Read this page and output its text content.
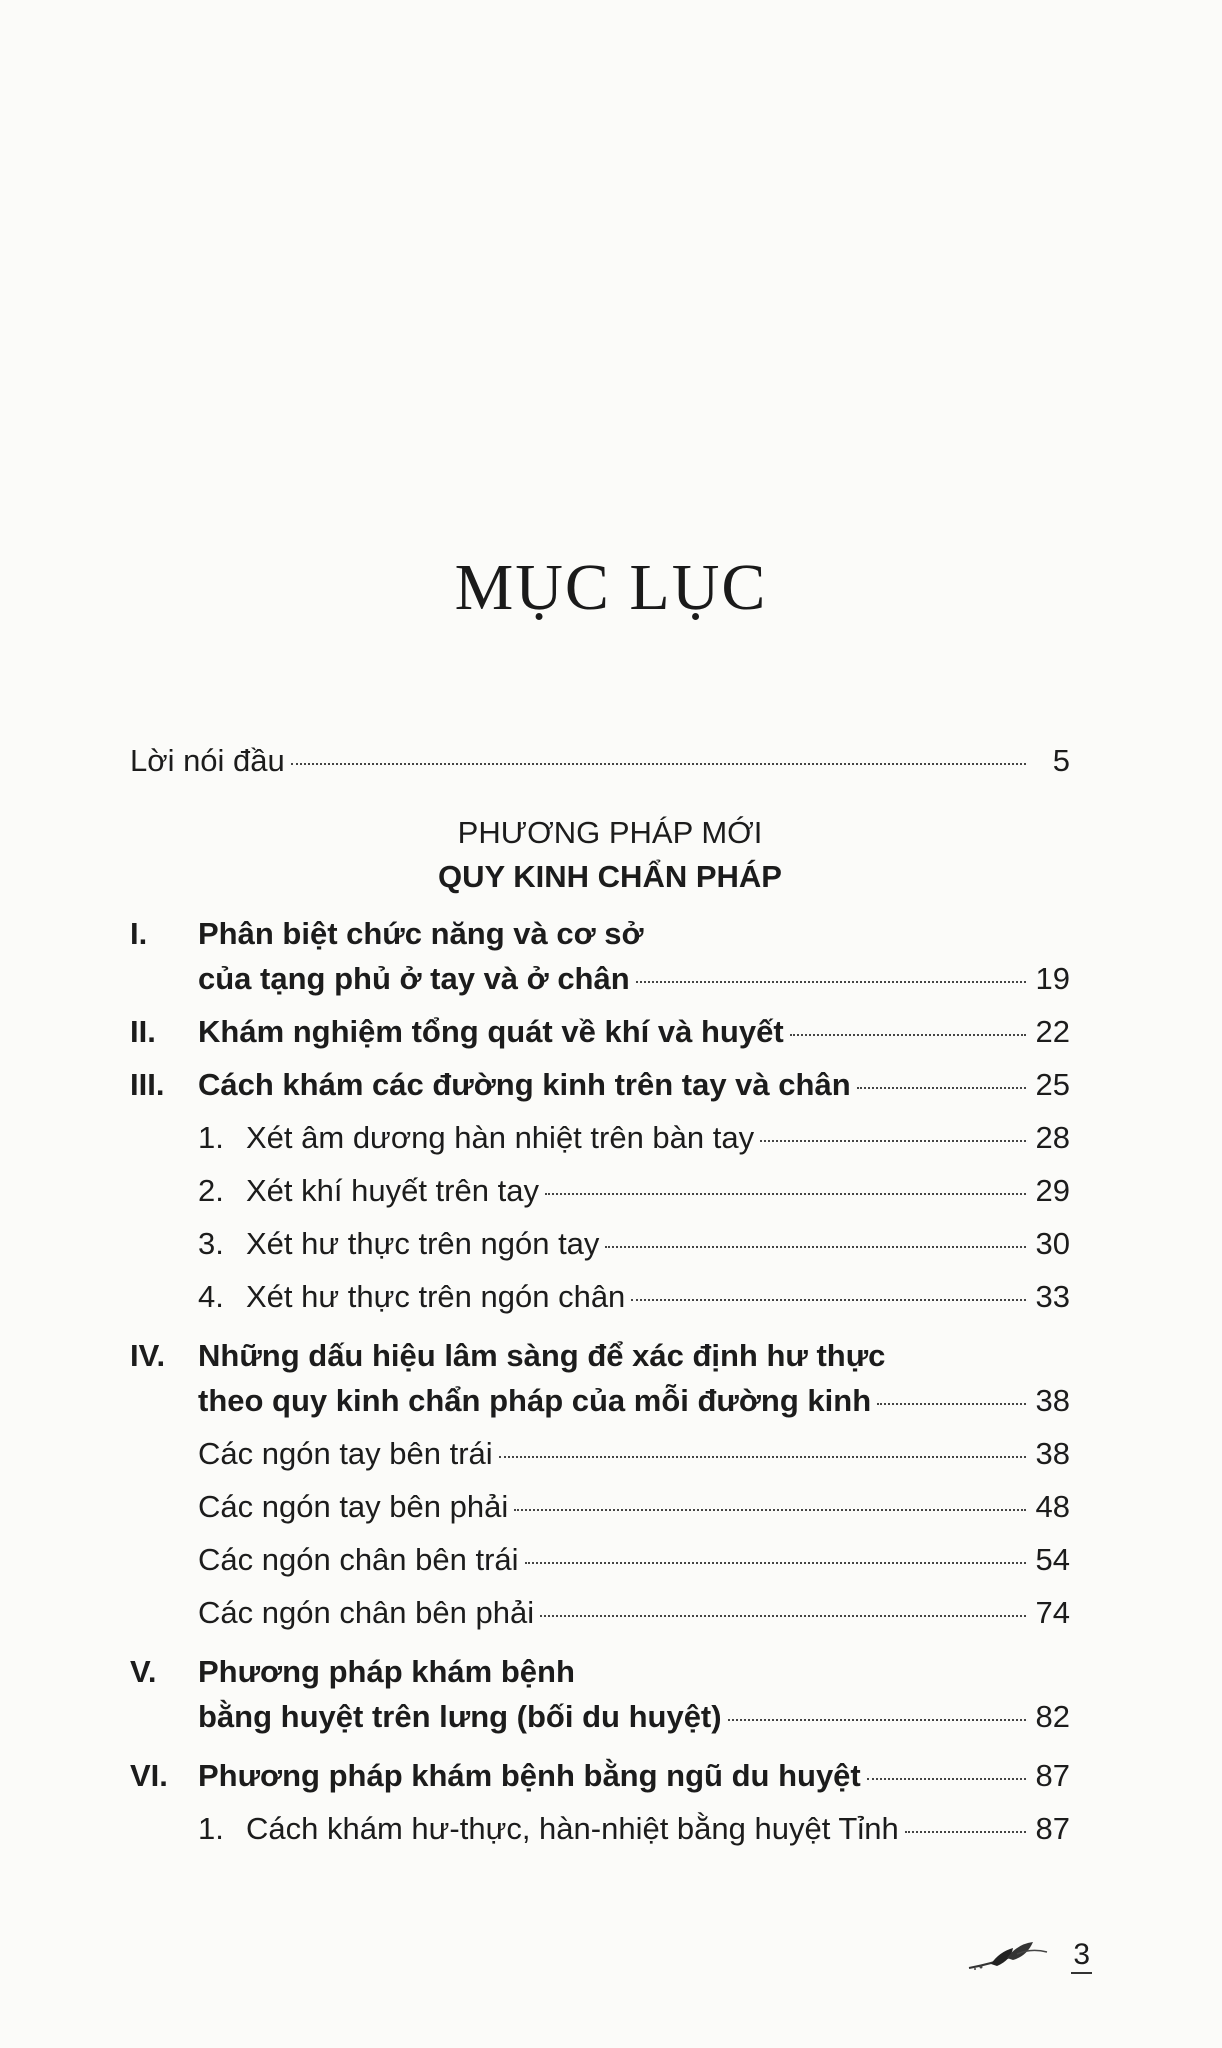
MỤC LỤC
Lời nói đầu	5
PHƯƠNG PHÁP MỚI
QUY KINH CHẨN PHÁP
I.	Phân biệt chức năng và cơ sở
của tạng phủ ở tay và ở chân	19
II.	Khám nghiệm tổng quát về khí và huyết	22
III.	Cách khám các đường kinh trên tay và chân	25
1. Xét âm dương hàn nhiệt trên bàn tay	28
2. Xét khí huyết trên tay	29
3. Xét hư thực trên ngón tay	30
4. Xét hư thực trên ngón chân	33
IV.	Những dấu hiệu lâm sàng để xác định hư thực
theo quy kinh chẩn pháp của mỗi đường kinh	38
Các ngón tay bên trái	38
Các ngón tay bên phải	48
Các ngón chân bên trái	54
Các ngón chân bên phải	74
V.	Phương pháp khám bệnh
bằng huyệt trên lưng (bối du huyệt)	82
VI. Phương pháp khám bệnh bằng ngũ du huyệt	87
1. Cách khám hư-thực, hàn-nhiệt bằng huyệt Tỉnh	87
3
